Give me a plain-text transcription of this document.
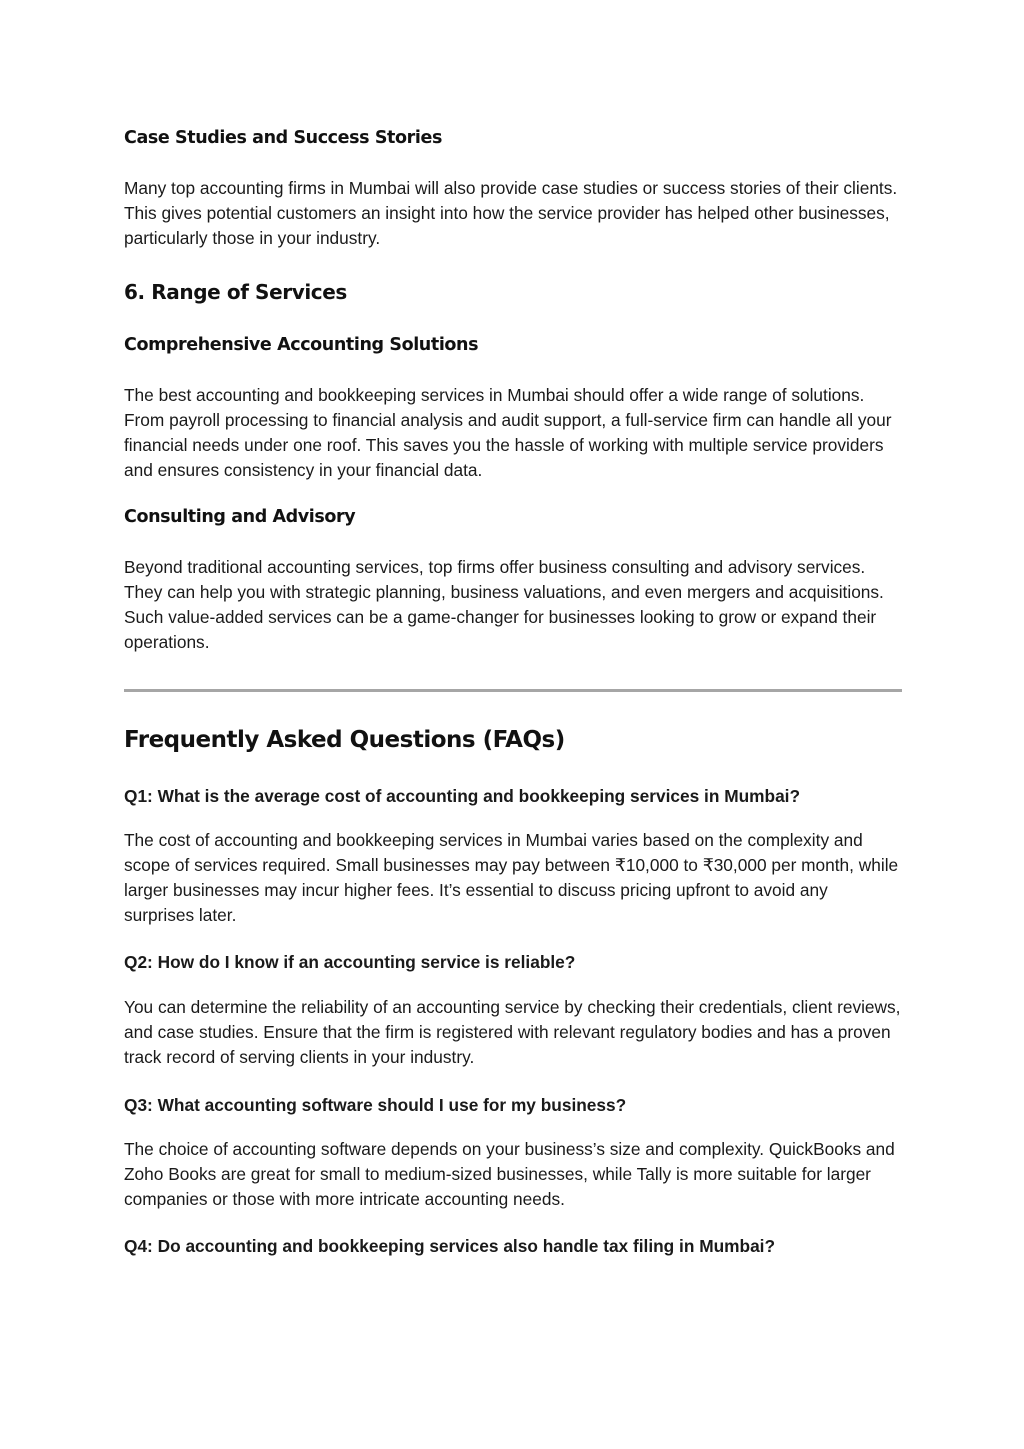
Case Studies and Success Stories

Many top accounting firms in Mumbai will also provide case studies or success stories of their clients. This gives potential customers an insight into how the service provider has helped other businesses, particularly those in your industry.

6. Range of Services
Comprehensive Accounting Solutions

The best accounting and bookkeeping services in Mumbai should offer a wide range of solutions. From payroll processing to financial analysis and audit support, a full-service firm can handle all your financial needs under one roof. This saves you the hassle of working with multiple service providers and ensures consistency in your financial data.

Consulting and Advisory

Beyond traditional accounting services, top firms offer business consulting and advisory services. They can help you with strategic planning, business valuations, and even mergers and acquisitions. Such value-added services can be a game-changer for businesses looking to grow or expand their operations.

Frequently Asked Questions (FAQs)

Q1: What is the average cost of accounting and bookkeeping services in Mumbai?

The cost of accounting and bookkeeping services in Mumbai varies based on the complexity and scope of services required. Small businesses may pay between ₹10,000 to ₹30,000 per month, while larger businesses may incur higher fees. It’s essential to discuss pricing upfront to avoid any surprises later.

Q2: How do I know if an accounting service is reliable?

You can determine the reliability of an accounting service by checking their credentials, client reviews, and case studies. Ensure that the firm is registered with relevant regulatory bodies and has a proven track record of serving clients in your industry.

Q3: What accounting software should I use for my business?

The choice of accounting software depends on your business’s size and complexity. QuickBooks and Zoho Books are great for small to medium-sized businesses, while Tally is more suitable for larger companies or those with more intricate accounting needs.

Q4: Do accounting and bookkeeping services also handle tax filing in Mumbai?
